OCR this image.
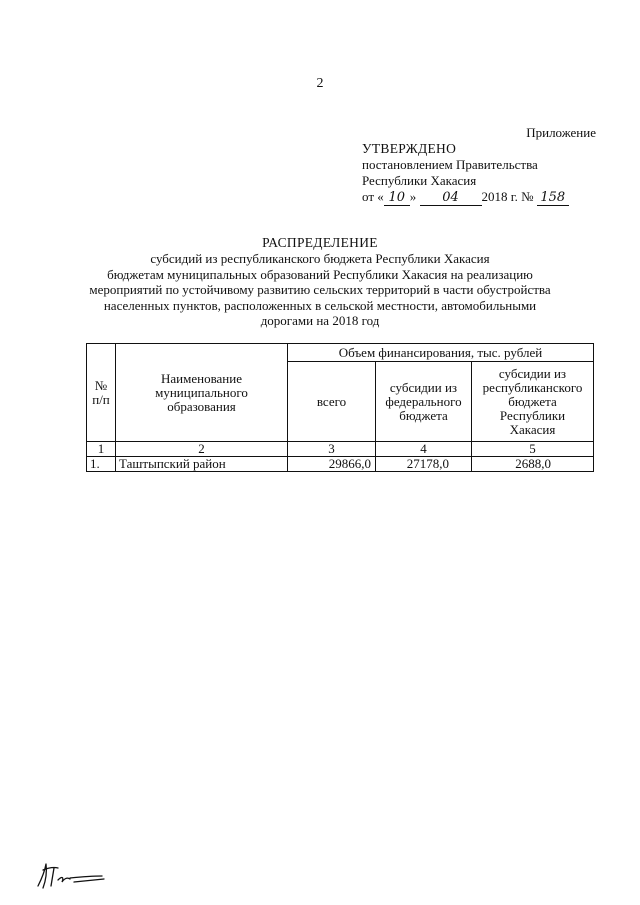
2
Приложение
УТВЕРЖДЕНО
постановлением Правительства
Республики Хакасия
от « 10 » 04 2018 г. № 158
РАСПРЕДЕЛЕНИЕ
субсидий из республиканского бюджета Республики Хакасия
бюджетам муниципальных образований Республики Хакасия на реализацию
мероприятий по устойчивому развитию сельских территорий в части обустройства
населенных пунктов, расположенных в сельской местности, автомобильными
дорогами на 2018 год
№ п/п	Наименование муниципального образования	Объем финансирования, тыс. рублей		
		всего	субсидии из федерального бюджета	субсидии из республиканского бюджета Республики Хакасия
1	2	3	4	5
1.	Таштыпский район	29866,0	27178,0	2688,0
